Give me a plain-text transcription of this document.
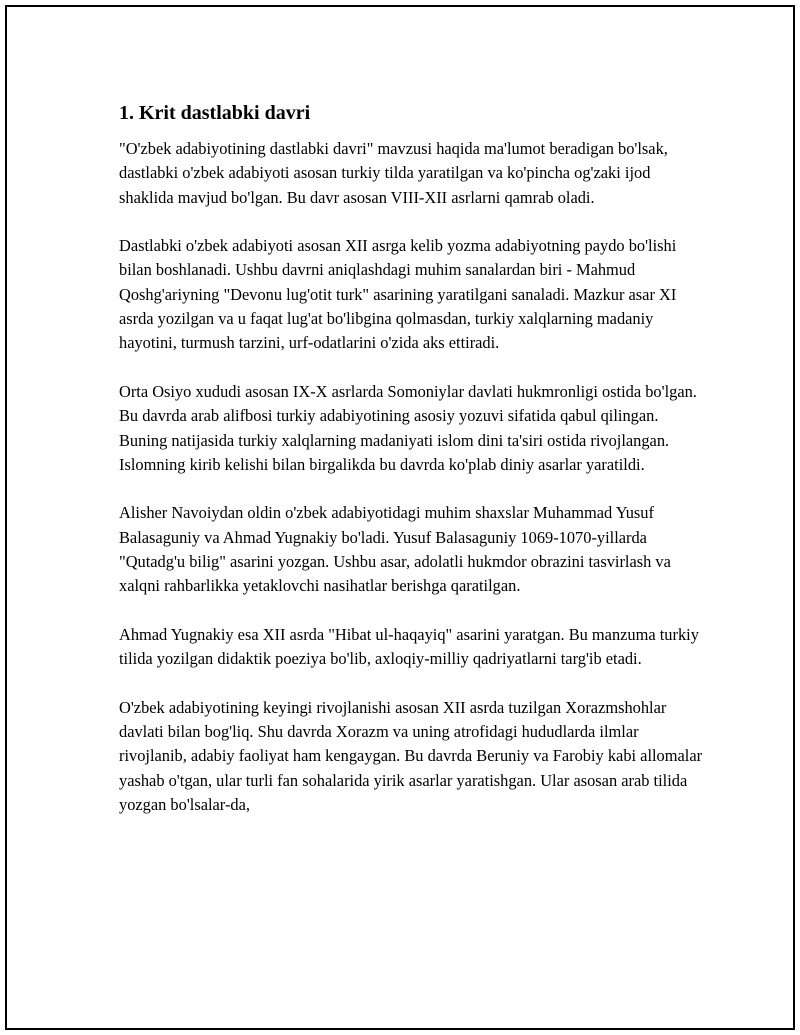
1. Krit dastlabki davri

"O'zbek adabiyotining dastlabki davri" mavzusi haqida ma'lumot beradigan bo'lsak, dastlabki o'zbek adabiyoti asosan turkiy tilda yaratilgan va ko'pincha og'zaki ijod shaklida mavjud bo'lgan. Bu davr asosan VIII-XII asrlarni qamrab oladi.

Dastlabki o'zbek adabiyoti asosan XII asrga kelib yozma adabiyotning paydo bo'lishi bilan boshlanadi. Ushbu davrni aniqlashdagi muhim sanalardan biri - Mahmud Qoshg'ariyning "Devonu lug'otit turk" asarining yaratilgani sanaladi. Mazkur asar XI asrda yozilgan va u faqat lug'at bo'libgina qolmasdan, turkiy xalqlarning madaniy hayotini, turmush tarzini, urf-odatlarini o'zida aks ettiradi.

Orta Osiyo xududi asosan IX-X asrlarda Somoniylar davlati hukmronligi ostida bo'lgan. Bu davrda arab alifbosi turkiy adabiyotining asosiy yozuvi sifatida qabul qilingan. Buning natijasida turkiy xalqlarning madaniyati islom dini ta'siri ostida rivojlangan. Islomning kirib kelishi bilan birgalikda bu davrda ko'plab diniy asarlar yaratildi.

Alisher Navoiydan oldin o'zbek adabiyotidagi muhim shaxslar Muhammad Yusuf Balasaguniy va Ahmad Yugnakiy bo'ladi. Yusuf Balasaguniy 1069-1070-yillarda "Qutadg'u bilig" asarini yozgan. Ushbu asar, adolatli hukmdor obrazini tasvirlash va xalqni rahbarlikka yetaklovchi nasihatlar berishga qaratilgan.

Ahmad Yugnakiy esa XII asrda "Hibat ul-haqayiq" asarini yaratgan. Bu manzuma turkiy tilida yozilgan didaktik poeziya bo'lib, axloqiy-milliy qadriyatlarni targ'ib etadi.

O'zbek adabiyotining keyingi rivojlanishi asosan XII asrda tuzilgan Xorazmshohlar davlati bilan bog'liq. Shu davrda Xorazm va uning atrofidagi hududlarda ilmlar rivojlanib, adabiy faoliyat ham kengaygan. Bu davrda Beruniy va Farobiy kabi allomalar yashab o'tgan, ular turli fan sohalarida yirik asarlar yaratishgan. Ular asosan arab tilida yozgan bo'lsalar-da,
